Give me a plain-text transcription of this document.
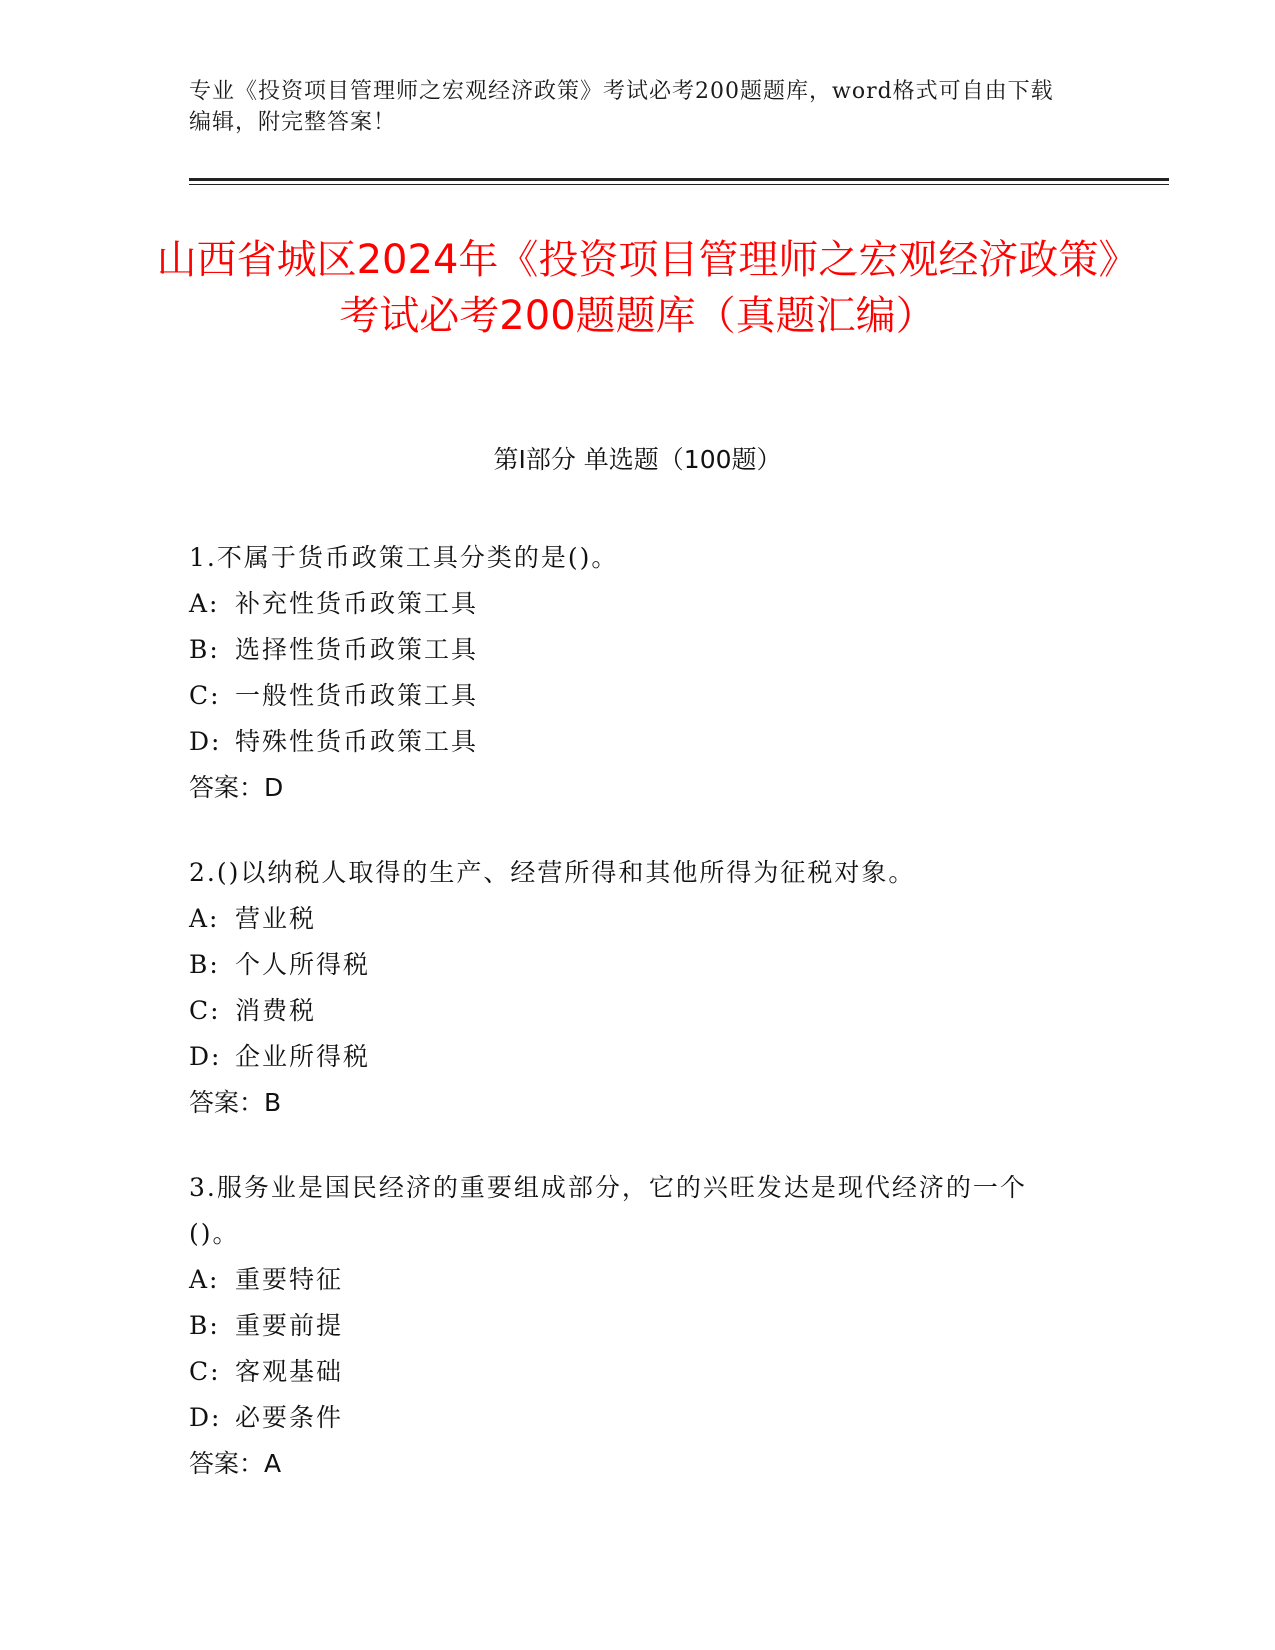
专业《投资项目管理师之宏观经济政策》考试必考200题题库，word格式可自由下载编辑，附完整答案！
山西省城区2024年《投资项目管理师之宏观经济政策》考试必考200题题库（真题汇编）
第I部分 单选题（100题）
1.不属于货币政策工具分类的是()。
A: 补充性货币政策工具
B: 选择性货币政策工具
C: 一般性货币政策工具
D: 特殊性货币政策工具
答案：D
2.()以纳税人取得的生产、经营所得和其他所得为征税对象。
A: 营业税
B: 个人所得税
C: 消费税
D: 企业所得税
答案：B
3.服务业是国民经济的重要组成部分，它的兴旺发达是现代经济的一个()。
A: 重要特征
B: 重要前提
C: 客观基础
D: 必要条件
答案：A
